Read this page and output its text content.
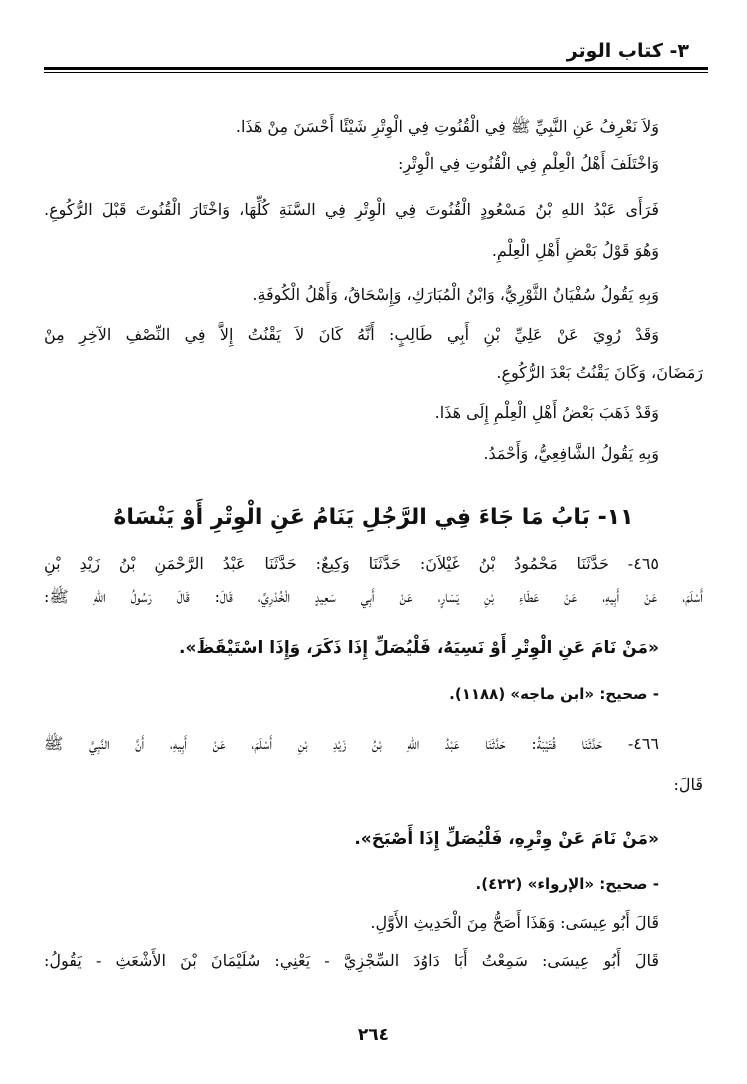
٣- كتاب الوتر
وَلاَ نَعْرِفُ عَنِ النَّبِيِّ ﷺ فِي الْقُنُوتِ فِي الْوِتْرِ شَيْئًا أَحْسَنَ مِنْ هَذَا.
وَاخْتَلَفَ أَهْلُ الْعِلْمِ فِي الْقُنُوتِ فِي الْوِتْرِ:
فَرَأَى عَبْدُ اللهِ بْنُ مَسْعُودٍ الْقُنُوتَ فِي الْوِتْرِ فِي السَّنَةِ كُلِّهَا، وَاخْتَارَ الْقُنُوتَ قَبْلَ الرُّكُوعِ.
وَهُوَ قَوْلُ بَعْضِ أَهْلِ الْعِلْمِ.
وَبِهِ يَقُولُ سُفْيَانُ الثَّوْرِيُّ، وَابْنُ الْمُبَارَكِ، وَإِسْحَاقُ، وَأَهْلُ الْكُوفَةِ.
وَقَدْ رُوِيَ عَنْ عَلِيِّ بْنِ أَبِي طَالِبٍ: أَنَّهُ كَانَ لاَ يَقْنُتُ إِلاَّ فِي النِّصْفِ الآخِرِ مِنْ
رَمَضَانَ، وَكَانَ يَقْنُتُ بَعْدَ الرُّكُوعِ.
وَقَدْ ذَهَبَ بَعْضُ أَهْلِ الْعِلْمِ إِلَى هَذَا.
وَبِهِ يَقُولُ الشَّافِعِيُّ، وَأَحْمَدُ.
١١- بَابُ مَا جَاءَ فِي الرَّجُلِ يَنَامُ عَنِ الْوِتْرِ أَوْ يَنْسَاهُ
٤٦٥- حَدَّثَنَا مَحْمُودُ بْنُ غَيْلاَنَ: حَدَّثَنَا وَكِيعٌ: حَدَّثَنَا عَبْدُ الرَّحْمَنِ بْنُ زَيْدِ بْنِ
أَسْلَمَ، عَنْ أَبِيهِ، عَنْ عَطَاءِ بْنِ يَسَارٍ، عَنْ أَبِي سَعِيدٍ الْخُدْرِيِّ، قَالَ: قَالَ رَسُولُ اللهِ ﷺ:
«مَنْ نَامَ عَنِ الْوِتْرِ أَوْ نَسِيَهُ، فَلْيُصَلِّ إِذَا ذَكَرَ، وَإِذَا اسْتَيْقَظَ».
- صحيح: «ابن ماجه» (١١٨٨).
٤٦٦- حَدَّثَنَا قُتَيْبَةُ: حَدَّثَنَا عَبْدُ اللهِ بْنُ زَيْدِ بْنِ أَسْلَمَ، عَنْ أَبِيهِ، أَنَّ النَّبِيَّ ﷺ
قَالَ:
«مَنْ نَامَ عَنْ وِتْرِهِ، فَلْيُصَلِّ إِذَا أَصْبَحَ».
- صحيح: «الإرواء» (٤٢٢).
قَالَ أَبُو عِيسَى: وَهَذَا أَصَحُّ مِنَ الْحَدِيثِ الأَوَّلِ.
قَالَ أَبُو عِيسَى: سَمِعْتُ أَبَا دَاوُدَ السِّجْزِيَّ - يَعْنِي: سُلَيْمَانَ بْنَ الأَشْعَثِ - يَقُولُ:
٢٦٤
